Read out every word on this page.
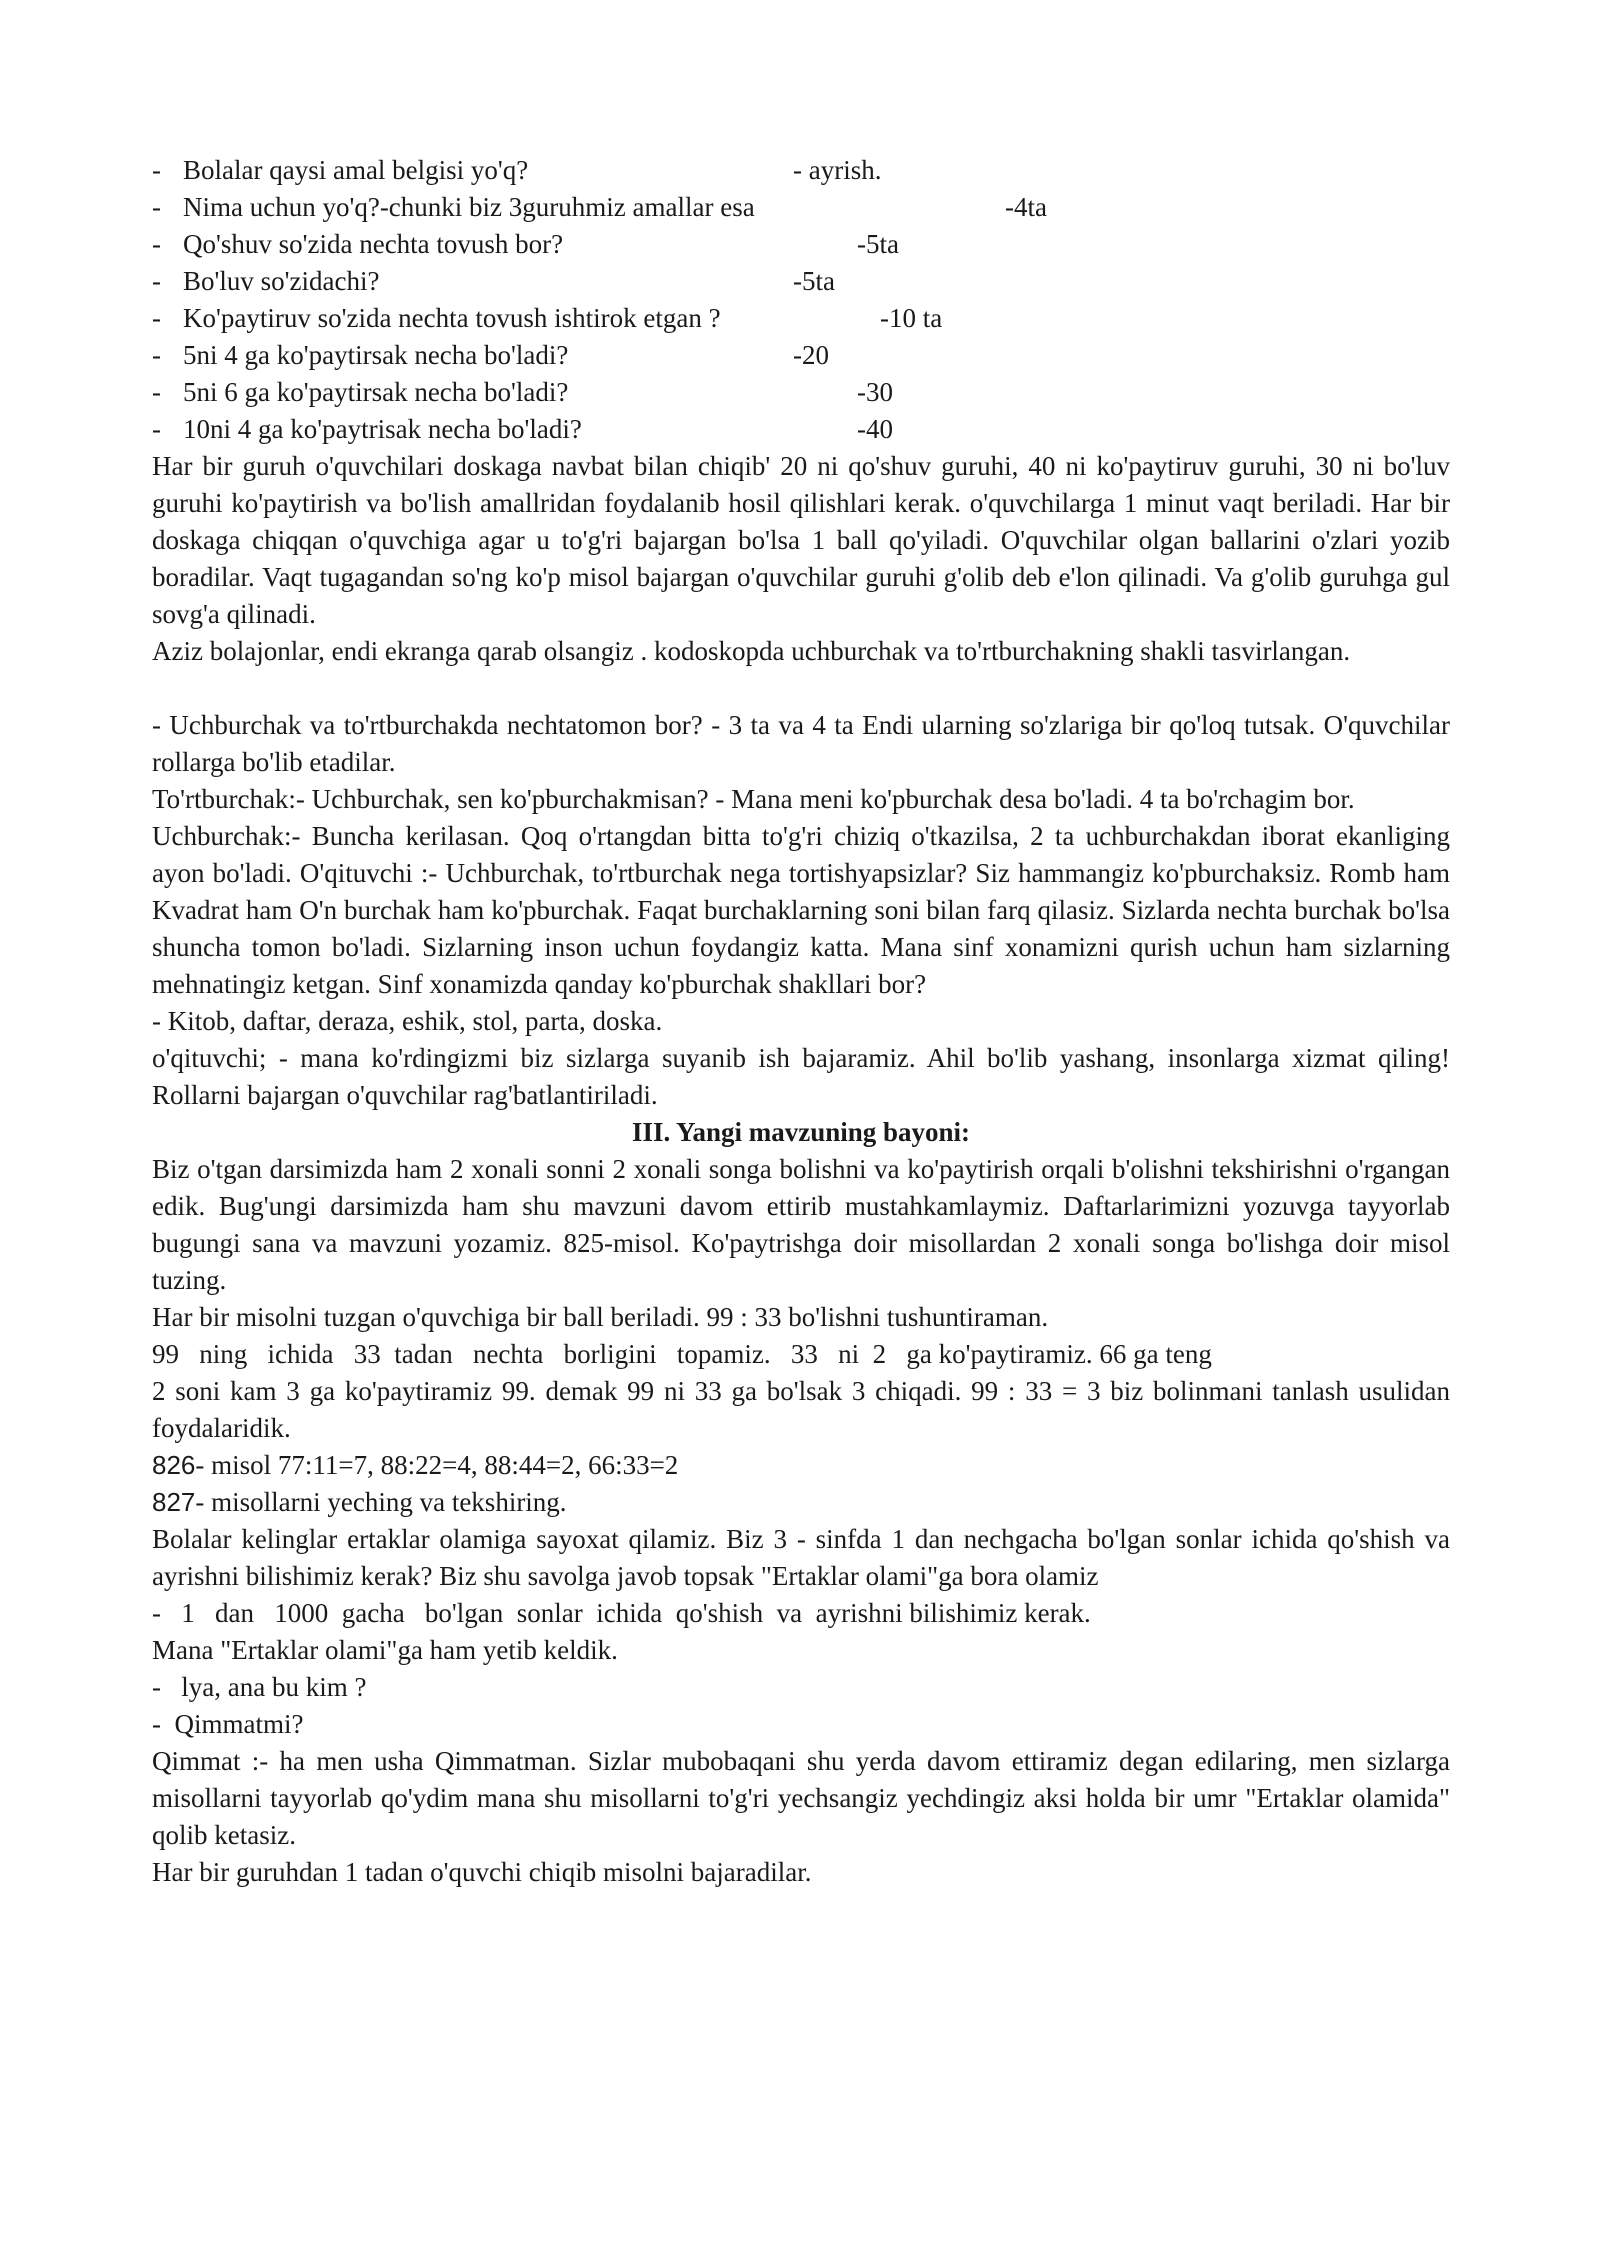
- Bolalar qaysi amal belgisi yo'q?	- ayrish.
- Nima uchun yo'q?-chunki biz 3guruhmiz amallar esa	-4ta
- Qo'shuv so'zida nechta tovush bor?	-5ta
- Bo'luv so'zidachi?	-5ta
- Ko'paytiruv so'zida nechta tovush ishtirok etgan ?	-10 ta
- 5ni 4 ga ko'paytirsak necha bo'ladi?	-20
- 5ni 6 ga ko'paytirsak necha bo'ladi?	-30
- 10ni 4 ga ko'paytrisak necha bo'ladi?	-40

Har bir guruh o'quvchilari doskaga navbat bilan chiqib' 20 ni qo'shuv guruhi, 40 ni ko'paytiruv guruhi, 30 ni bo'luv guruhi ko'paytirish va bo'lish amallridan foydalanib hosil qilishlari kerak. o'quvchilarga 1 minut vaqt beriladi. Har bir doskaga chiqqan o'quvchiga agar u to'g'ri bajargan bo'lsa 1 ball qo'yiladi. O'quvchilar olgan ballarini o'zlari yozib boradilar. Vaqt tugagandan so'ng ko'p misol bajargan o'quvchilar guruhi g'olib deb e'lon qilinadi. Va g'olib guruhga gul sovg'a qilinadi.

Aziz bolajonlar, endi ekranga qarab olsangiz . kodoskopda uchburchak va to'rtburchakning shakli tasvirlangan.

- Uchburchak va to'rtburchakda nechtatomon bor? - 3 ta va 4 ta Endi ularning so'zlariga bir qo'loq tutsak. O'quvchilar rollarga bo'lib etadilar.

To'rtburchak:- Uchburchak, sen ko'pburchakmisan? - Mana meni ko'pburchak desa bo'ladi. 4 ta bo'rchagim bor.

Uchburchak:- Buncha kerilasan. Qoq o'rtangdan bitta to'g'ri chiziq o'tkazilsa, 2 ta uchburchakdan iborat ekanliging ayon bo'ladi. O'qituvchi :- Uchburchak, to'rtburchak nega tortishyapsizlar? Siz hammangiz ko'pburchaksiz. Romb ham Kvadrat ham O'n burchak ham ko'pburchak. Faqat burchaklarning soni bilan farq qilasiz. Sizlarda nechta burchak bo'lsa shuncha tomon bo'ladi. Sizlarning inson uchun foydangiz katta. Mana sinf xonamizni qurish uchun ham sizlarning mehnatingiz ketgan. Sinf xonamizda qanday ko'pburchak shakllari bor?

- Kitob, daftar, deraza, eshik, stol, parta, doska.

o'qituvchi; - mana ko'rdingizmi biz sizlarga suyanib ish bajaramiz. Ahil bo'lib yashang, insonlarga xizmat qiling! Rollarni bajargan o'quvchilar rag'batlantiriladi.

III. Yangi mavzuning bayoni:

Biz o'tgan darsimizda ham 2 xonali sonni 2 xonali songa bolishni va ko'paytirish orqali b'olishni tekshirishni o'rgangan edik. Bug'ungi darsimizda ham shu mavzuni davom ettirib mustahkamlaymiz. Daftarlarimizni yozuvga tayyorlab bugungi sana va mavzuni yozamiz. 825-misol. Ko'paytrishga doir misollardan 2 xonali songa bo'lishga doir misol tuzing.

Har bir misolni tuzgan o'quvchiga bir ball beriladi. 99 : 33 bo'lishni tushuntiraman.

99   ning   ichida   33  tadan   nechta   borligini   topamiz.   33   ni  2   ga ko'paytiramiz. 66 ga teng

2 soni kam 3 ga ko'paytiramiz 99. demak 99 ni 33 ga bo'lsak 3 chiqadi. 99 : 33 = 3 biz bolinmani tanlash usulidan foydalaridik.

826- misol 77:11=7, 88:22=4, 88:44=2, 66:33=2
827- misollarni yeching va tekshiring.

Bolalar kelinglar ertaklar olamiga sayoxat qilamiz. Biz 3 - sinfda 1 dan nechgacha bo'lgan sonlar ichida qo'shish va ayrishni bilishimiz kerak? Biz shu savolga javob topsak "Ertaklar olami"ga bora olamiz

-   1   dan   1000  gacha   bo'lgan  sonlar  ichida  qo'shish  va  ayrishni bilishimiz kerak.

Mana "Ertaklar olami"ga ham yetib keldik.

-   lya, ana bu kim ?
-  Qimmatmi?

Qimmat :- ha men usha Qimmatman. Sizlar mubobaqani shu yerda davom ettiramiz degan edilaring, men sizlarga misollarni tayyorlab qo'ydim mana shu misollarni to'g'ri yechsangiz yechdingiz aksi holda bir umr "Ertaklar olamida" qolib ketasiz.

Har bir guruhdan 1 tadan o'quvchi chiqib misolni bajaradilar.
